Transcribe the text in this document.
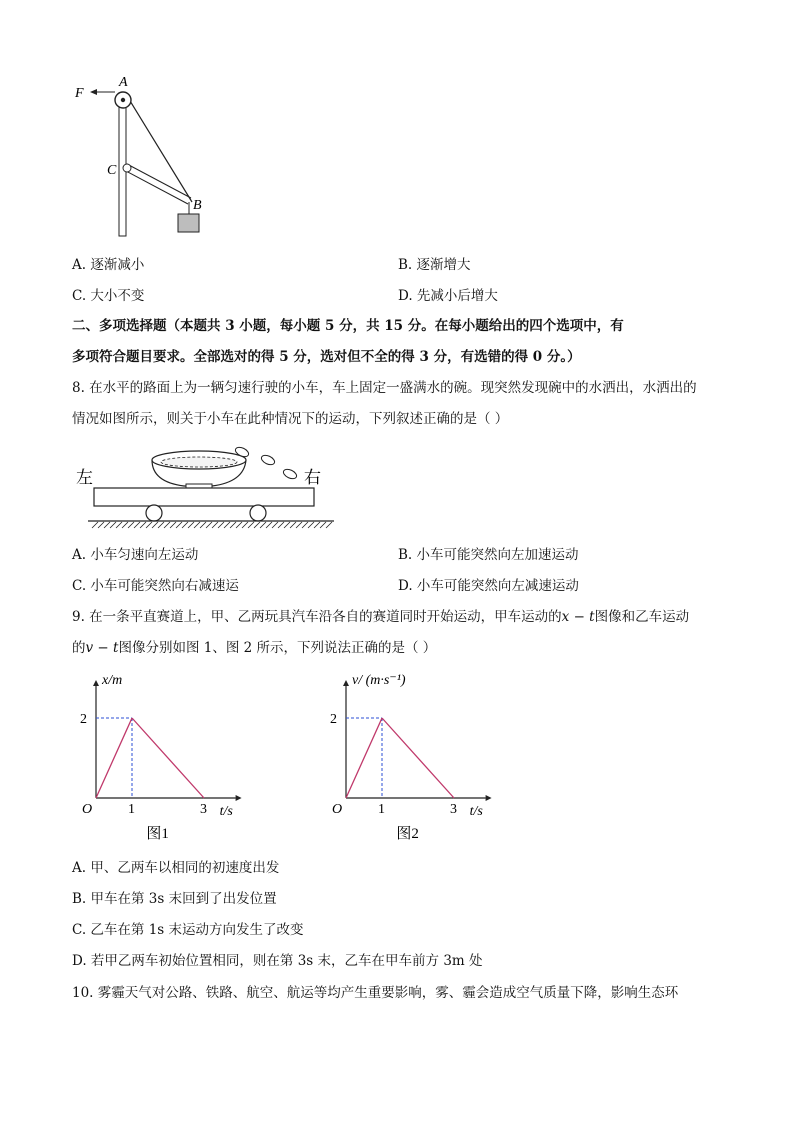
F
A
C
B
A. 逐渐减小	B. 逐渐增大
C. 大小不变	D. 先减小后增大
二、多项选择题（本题共 3 小题，每小题 5 分，共 15 分。在每小题给出的四个选项中，有
多项符合题目要求。全部选对的得 5 分，选对但不全的得 3 分，有选错的得 0 分。）
8. 在水平的路面上为一辆匀速行驶的小车，车上固定一盛满水的碗。现突然发现碗中的水洒出，水洒出的
情况如图所示，则关于小车在此种情况下的运动，下列叙述正确的是（ ）
左	右
A. 小车匀速向左运动	B. 小车可能突然向左加速运动
C. 小车可能突然向右减速运	D. 小车可能突然向左减速运动
9. 在一条平直赛道上，甲、乙两玩具汽车沿各自的赛道同时开始运动，甲车运动的x − t图像和乙车运动
的v − t图像分别如图 1、图 2 所示，下列说法正确的是（ ）
1	3
2
O	t/s
x/m
图1
1	3
2
O	t/s
v/ (m·s⁻¹)
图2
A. 甲、乙两车以相同的初速度出发
B. 甲车在第 3s 末回到了出发位置
C. 乙车在第 1s 末运动方向发生了改变
D. 若甲乙两车初始位置相同，则在第 3s 末，乙车在甲车前方 3m 处
10. 雾霾天气对公路、铁路、航空、航运等均产生重要影响，雾、霾会造成空气质量下降，影响生态环
